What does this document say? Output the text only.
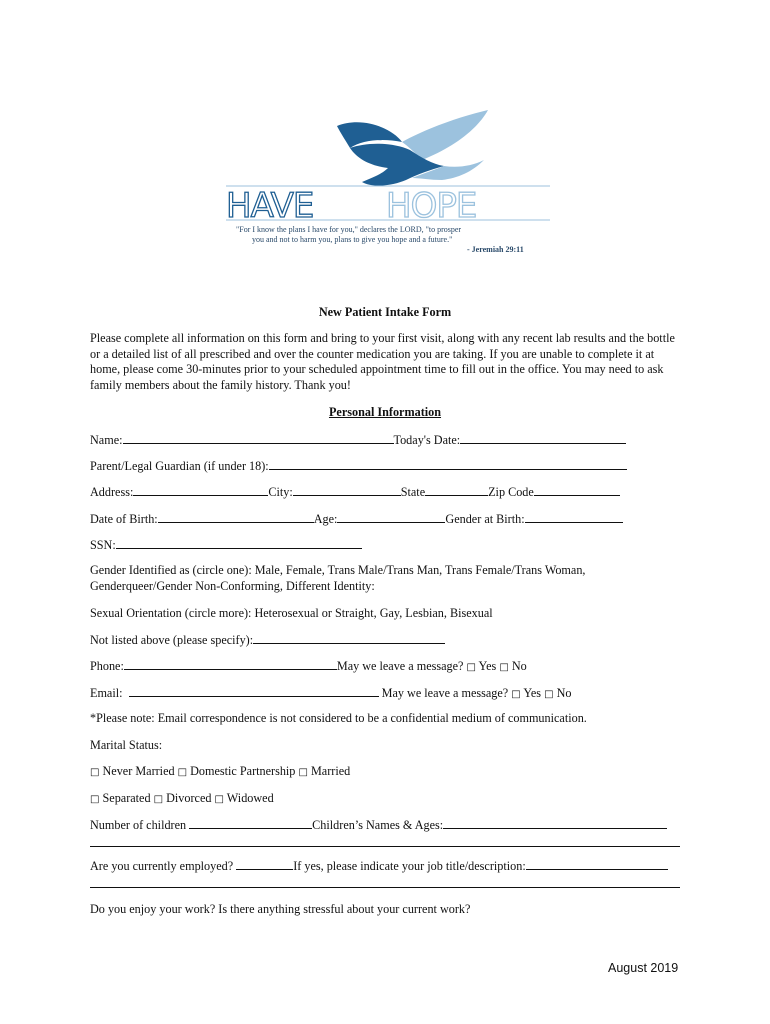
HAVE HOPE
"For I know the plans I have for you," declares the LORD, "to prosper
you and not to harm you, plans to give you hope and a future."
- Jeremiah 29:11
New Patient Intake Form
Please complete all information on this form and bring to your first visit, along with any recent lab results and the bottle or a detailed list of all prescribed and over the counter medication you are taking. If you are unable to complete it at home, please come 30-minutes prior to your scheduled appointment time to fill out in the office. You may need to ask family members about the family history. Thank you!
Personal Information
Name:	Today's Date:
Parent/Legal Guardian (if under 18):
Address:	City:	State	Zip Code
Date of Birth:	Age:	Gender at Birth:
SSN:
Gender Identified as (circle one): Male, Female, Trans Male/Trans Man, Trans Female/Trans Woman,
Genderqueer/Gender Non-Conforming, Different Identity:
Sexual Orientation (circle more): Heterosexual or Straight, Gay, Lesbian, Bisexual
Not listed above (please specify):
Phone:	May we leave a message? □ Yes □ No
Email:	May we leave a message? □ Yes □ No
*Please note: Email correspondence is not considered to be a confidential medium of communication.
Marital Status:
□ Never Married □ Domestic Partnership □ Married
□ Separated □ Divorced □ Widowed
Number of children	Children’s Names & Ages:
Are you currently employed?	If yes, please indicate your job title/description:
Do you enjoy your work? Is there anything stressful about your current work?
August 2019
